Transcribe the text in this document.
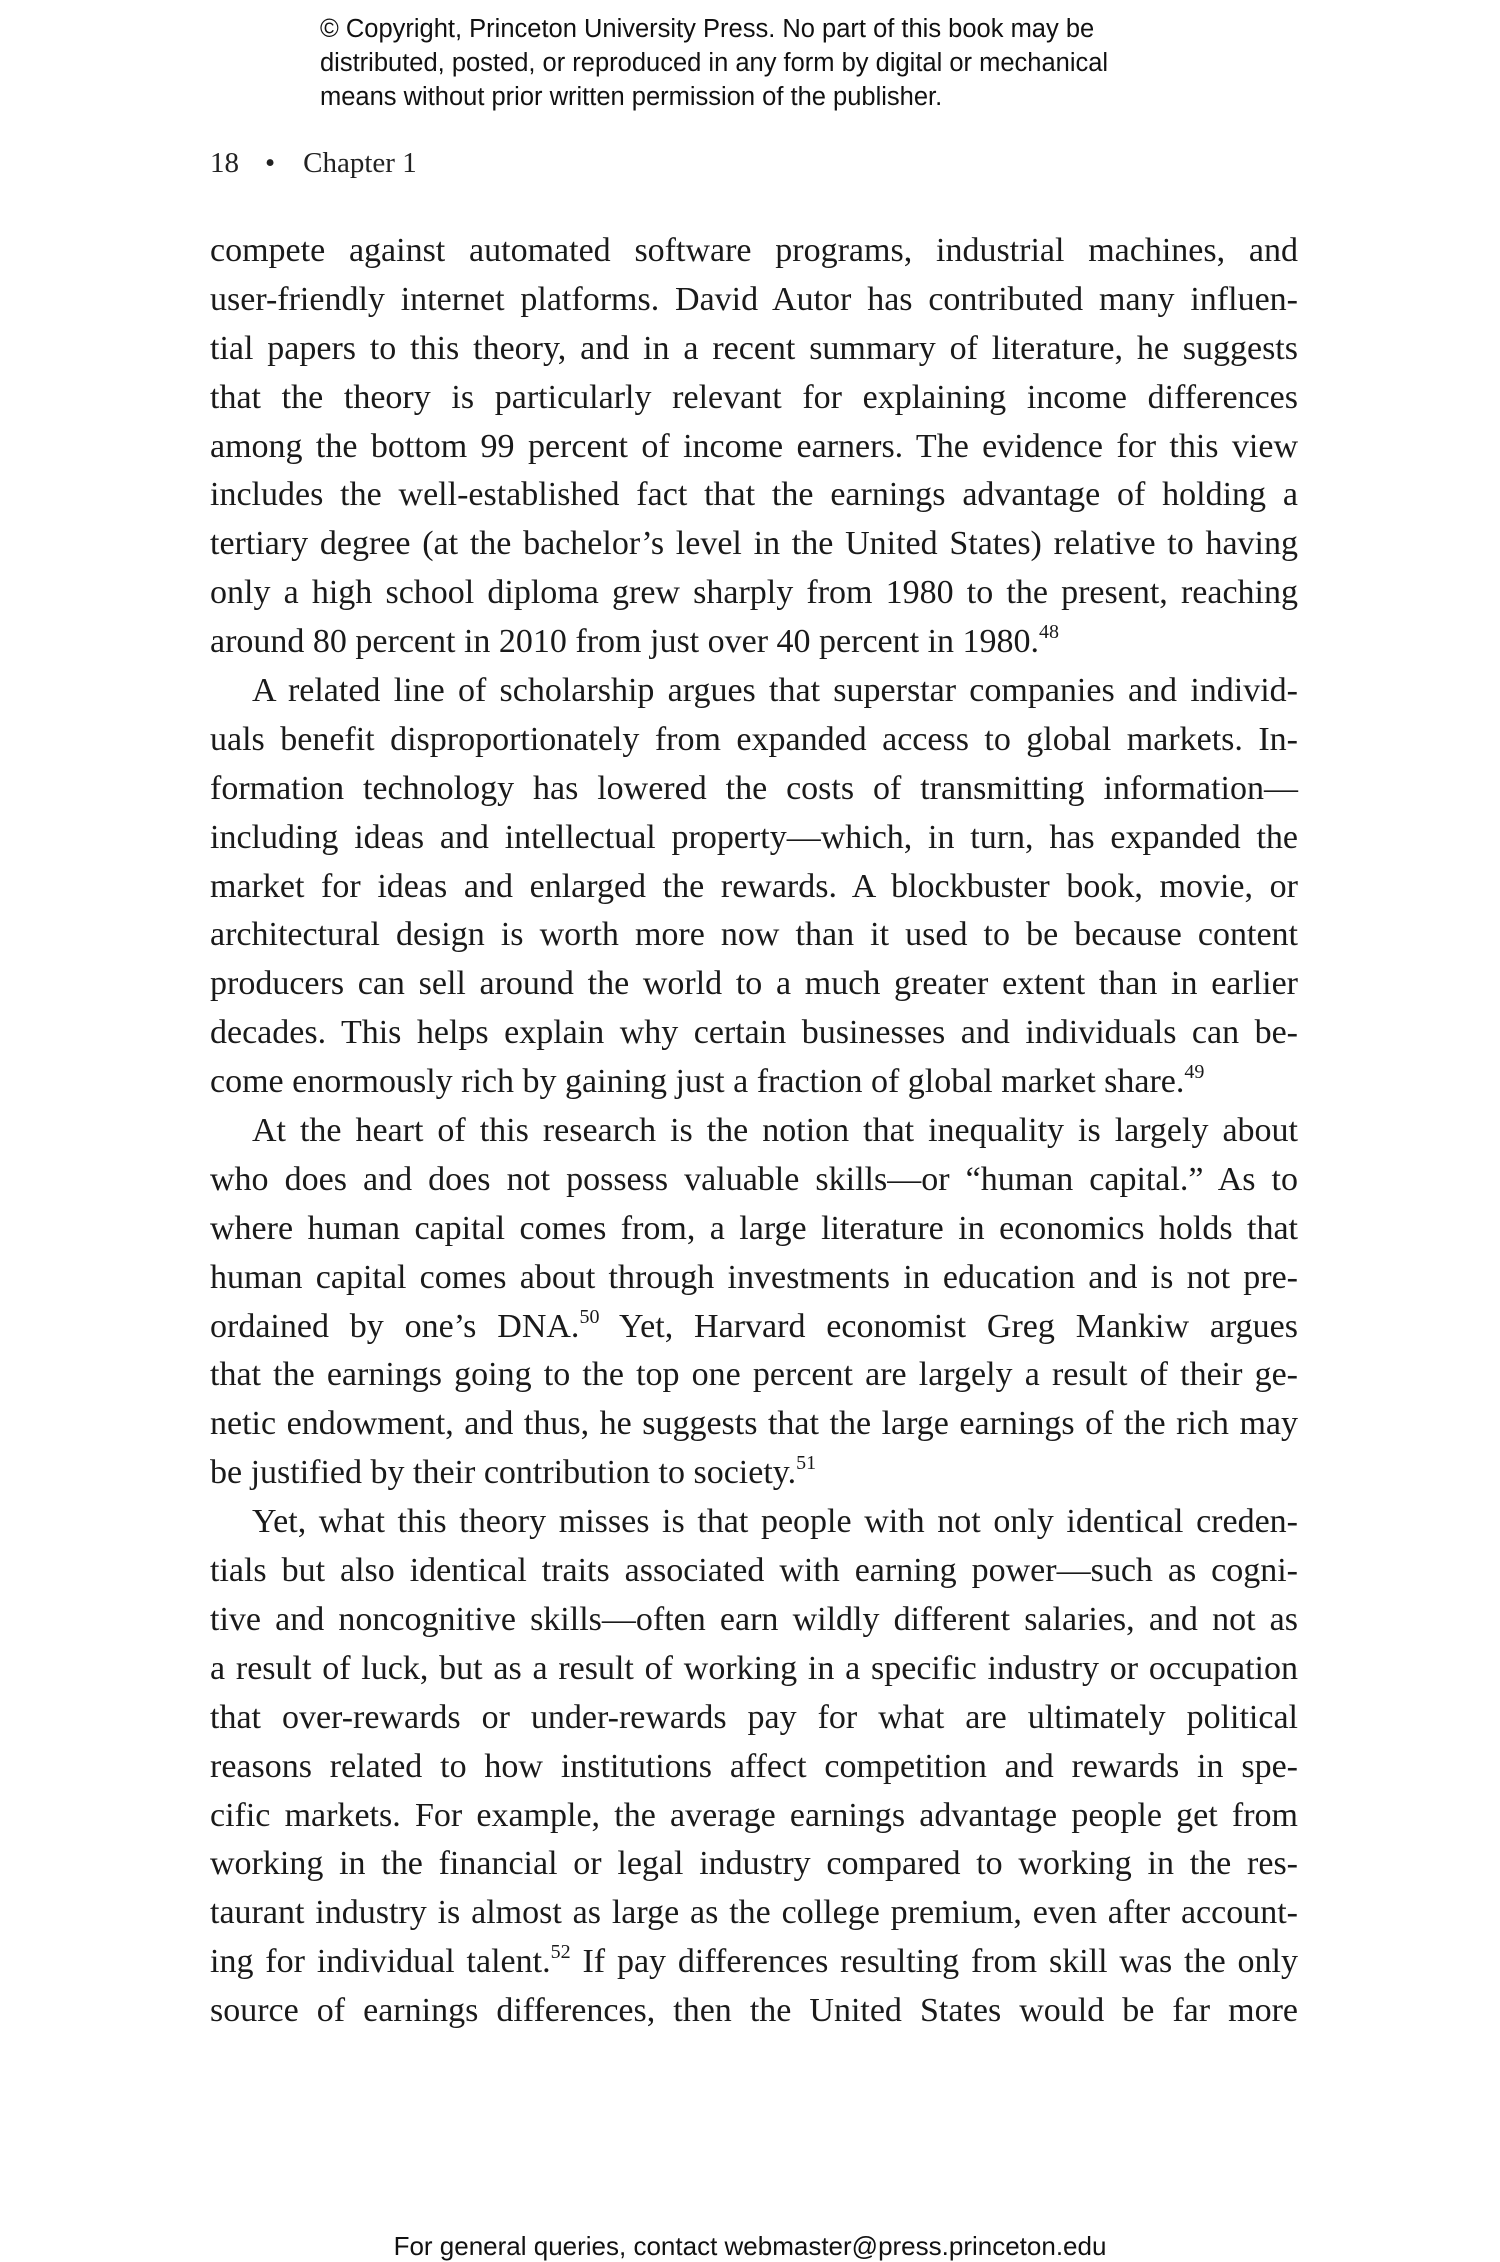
© Copyright, Princeton University Press. No part of this book may be
distributed, posted, or reproduced in any form by digital or mechanical
means without prior written permission of the publisher.
18 • Chapter 1
compete against automated software programs, industrial machines, and
user-friendly internet platforms. David Autor has contributed many influen-
tial papers to this theory, and in a recent summary of literature, he suggests
that the theory is particularly relevant for explaining income differences
among the bottom 99 percent of income earners. The evidence for this view
includes the well-established fact that the earnings advantage of holding a
tertiary degree (at the bachelor’s level in the United States) relative to having
only a high school diploma grew sharply from 1980 to the present, reaching
around 80 percent in 2010 from just over 40 percent in 1980.48
A related line of scholarship argues that superstar companies and individ-
uals benefit disproportionately from expanded access to global markets. In-
formation technology has lowered the costs of transmitting information—
including ideas and intellectual property—which, in turn, has expanded the
market for ideas and enlarged the rewards. A blockbuster book, movie, or
architectural design is worth more now than it used to be because content
producers can sell around the world to a much greater extent than in earlier
decades. This helps explain why certain businesses and individuals can be-
come enormously rich by gaining just a fraction of global market share.$^{49}$
At the heart of this research is the notion that inequality is largely about
who does and does not possess valuable skills—or “human capital.” As to
where human capital comes from, a large literature in economics holds that
human capital comes about through investments in education and is not pre-
ordained by one’s DNA.$^{50}$ Yet, Harvard economist Greg Mankiw argues
that the earnings going to the top one percent are largely a result of their ge-
netic endowment, and thus, he suggests that the large earnings of the rich may
be justified by their contribution to society.$^{51}$
Yet, what this theory misses is that people with not only identical creden-
tials but also identical traits associated with earning power—such as cogni-
tive and noncognitive skills—often earn wildly different salaries, and not as
a result of luck, but as a result of working in a specific industry or occupation
that over-rewards or under-rewards pay for what are ultimately political
reasons related to how institutions affect competition and rewards in spe-
cific markets. For example, the average earnings advantage people get from
working in the financial or legal industry compared to working in the res-
taurant industry is almost as large as the college premium, even after account-
ing for individual talent.$^{52}$ If pay differences resulting from skill was the only
source of earnings differences, then the United States would be far more
For general queries, contact webmaster@press.princeton.edu
